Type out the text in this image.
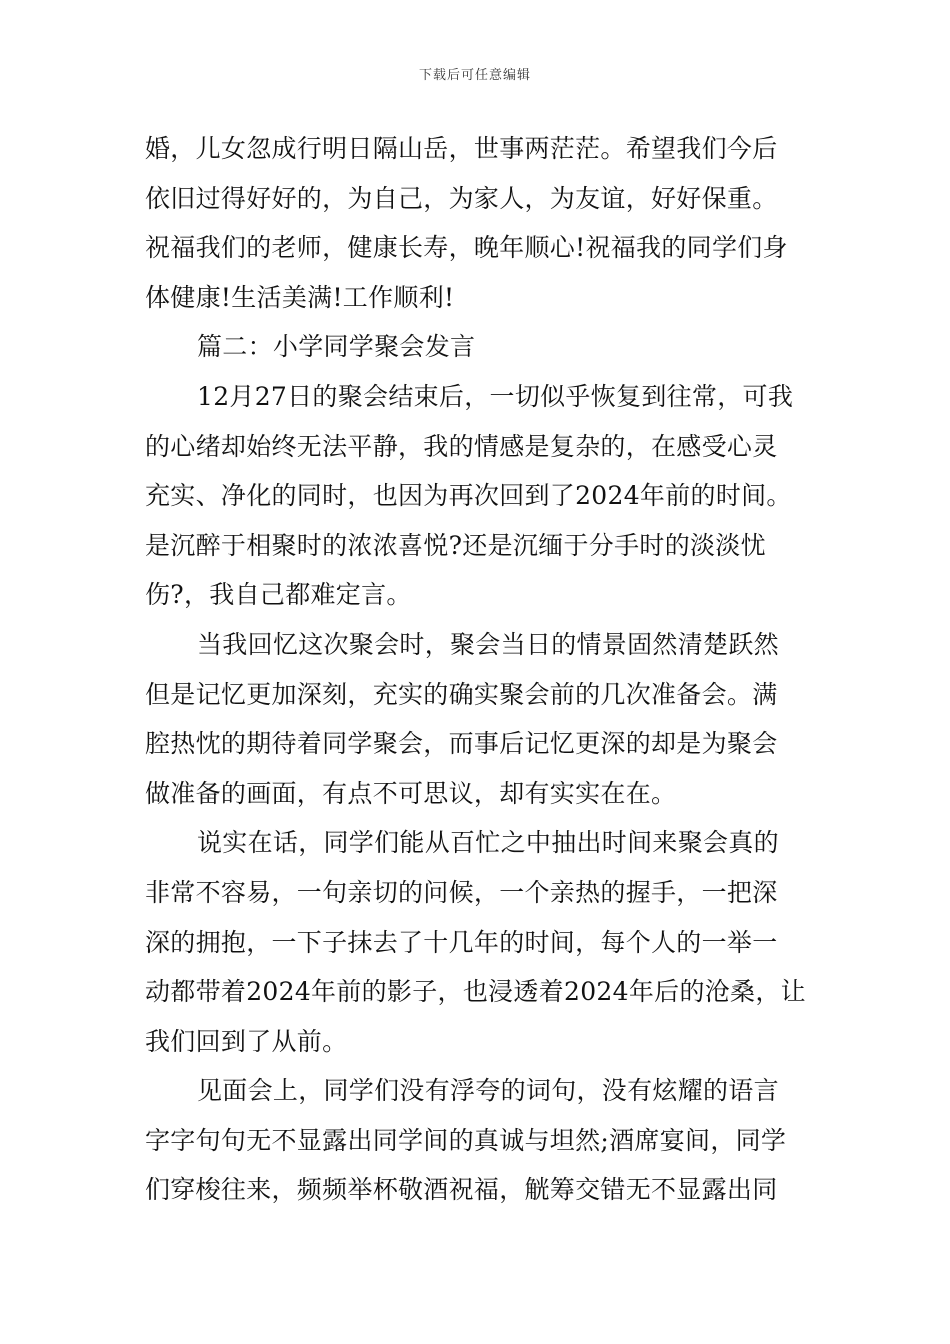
下载后可任意编辑
婚，儿女忽成行明日隔山岳，世事两茫茫。希望我们今后
依旧过得好好的，为自己，为家人，为友谊，好好保重。
祝福我们的老师，健康长寿，晚年顺心!祝福我的同学们身
体健康!生活美满!工作顺利!
篇二：小学同学聚会发言
12月27日的聚会结束后，一切似乎恢复到往常，可我
的心绪却始终无法平静，我的情感是复杂的，在感受心灵
充实、净化的同时，也因为再次回到了2024年前的时间。
是沉醉于相聚时的浓浓喜悦?还是沉缅于分手时的淡淡忧
伤?，我自己都难定言。
当我回忆这次聚会时，聚会当日的情景固然清楚跃然
但是记忆更加深刻，充实的确实聚会前的几次准备会。满
腔热忱的期待着同学聚会，而事后记忆更深的却是为聚会
做准备的画面，有点不可思议，却有实实在在。
说实在话，同学们能从百忙之中抽出时间来聚会真的
非常不容易，一句亲切的问候，一个亲热的握手，一把深
深的拥抱，一下子抹去了十几年的时间，每个人的一举一
动都带着2024年前的影子，也浸透着2024年后的沧桑，让
我们回到了从前。
见面会上，同学们没有浮夸的词句，没有炫耀的语言
字字句句无不显露出同学间的真诚与坦然;酒席宴间，同学
们穿梭往来，频频举杯敬酒祝福，觥筹交错无不显露出同
